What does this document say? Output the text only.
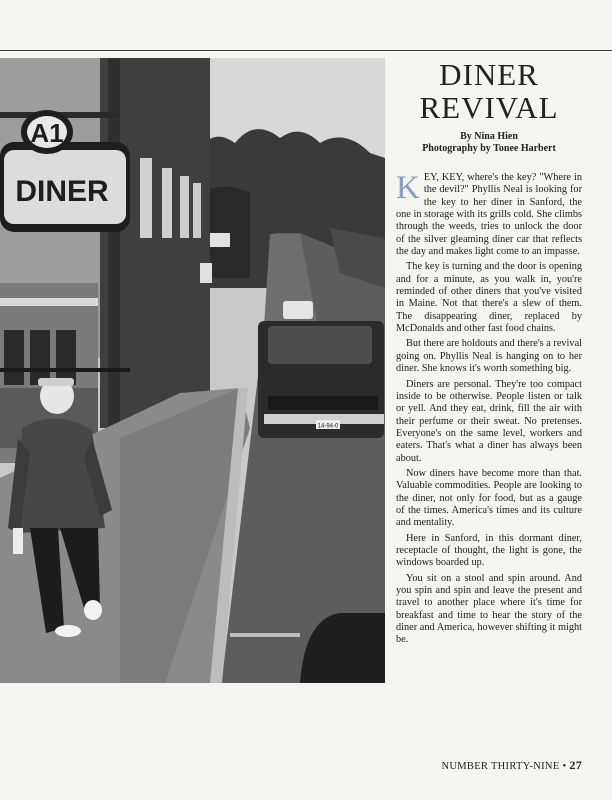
A1
DINER
14-94-0
DINER
REVIVAL
By Nina Hien
Photography by Tonee Harbert

KEY, KEY, where's the key? "Where in the devil?" Phyllis Neal is looking for the key to her diner in Sanford, the one in storage with its grills cold. She climbs through the weeds, tries to unlock the door of the silver gleaming diner car that reflects the day and makes light come to an impasse.

The key is turning and the door is opening and for a minute, as you walk in, you're reminded of other diners that you've visited in Maine. Not that there's a slew of them. The disappearing diner, replaced by McDonalds and other fast food chains.

But there are holdouts and there's a revival going on. Phyllis Neal is hanging on to her diner. She knows it's worth something big.

Diners are personal. They're too compact inside to be otherwise. People listen or talk or yell. And they eat, drink, fill the air with their perfume or their sweat. No pretenses. Everyone's on the same level, workers and eaters. That's what a diner has always been about.

Now diners have become more than that. Valuable commodities. People are looking to the diner, not only for food, but as a gauge of the times. America's times and its culture and mentality.

Here in Sanford, in this dormant diner, receptacle of thought, the light is gone, the windows boarded up.

You sit on a stool and spin around. And you spin and spin and leave the present and travel to another place where it's time for breakfast and time to hear the story of the diner and America, however shifting it might be.

NUMBER THIRTY-NINE • 27
